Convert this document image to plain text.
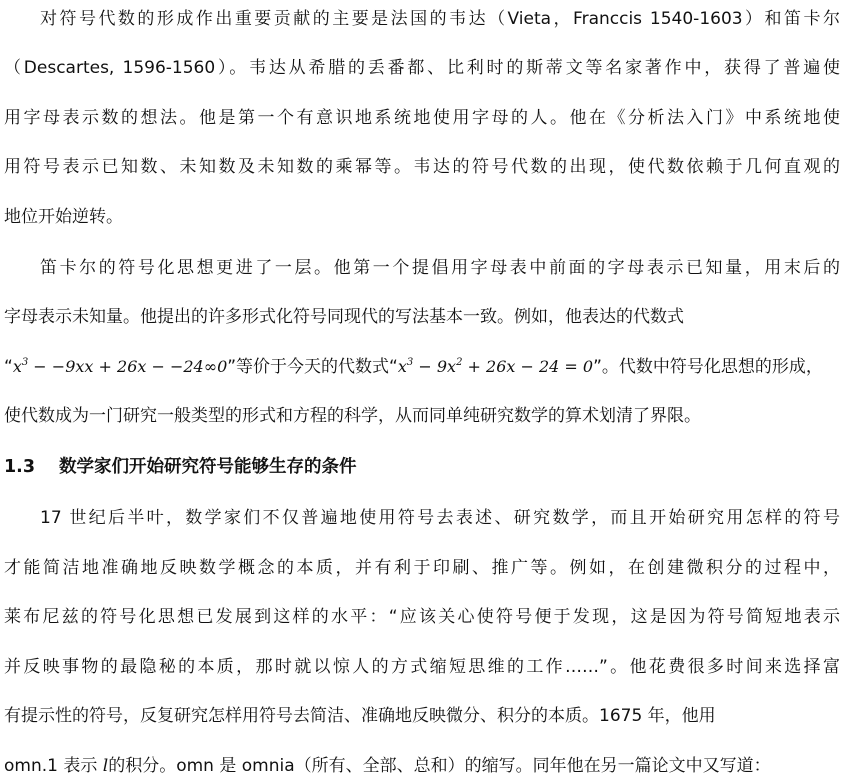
对符号代数的形成作出重要贡献的主要是法国的韦达（Vieta，Franccis 1540-1603）和笛卡尔
（Descartes, 1596-1560）。韦达从希腊的丢番都、比利时的斯蒂文等名家著作中，获得了普遍使
用字母表示数的想法。他是第一个有意识地系统地使用字母的人。他在《分析法入门》中系统地使
用符号表示已知数、未知数及未知数的乘幂等。韦达的符号代数的出现，使代数依赖于几何直观的
地位开始逆转。
笛卡尔的符号化思想更进了一层。他第一个提倡用字母表中前面的字母表示已知量，用末后的
字母表示未知量。他提出的许多形式化符号同现代的写法基本一致。例如，他表达的代数式
“$x^3 - -9xx + 26x - -24\infty 0$”等价于今天的代数式“$x^3 - 9x^2 + 26x - 24 = 0$”。代数中符号化思想的形成，
使代数成为一门研究一般类型的形式和方程的科学，从而同单纯研究数学的算术划清了界限。
1.3 数学家们开始研究符号能够生存的条件
17 世纪后半叶，数学家们不仅普遍地使用符号去表述、研究数学，而且开始研究用怎样的符号
才能简洁地准确地反映数学概念的本质，并有利于印刷、推广等。例如，在创建微积分的过程中，
莱布尼兹的符号化思想已发展到这样的水平：“应该关心使符号便于发现，这是因为符号简短地表示
并反映事物的最隐秘的本质，那时就以惊人的方式缩短思维的工作……”。他花费很多时间来选择富
有提示性的符号，反复研究怎样用符号去简洁、准确地反映微分、积分的本质。1675 年，他用
omn.1 表示 l的积分。omn 是 omnia（所有、全部、总和）的缩写。同年他在另一篇论文中又写道：
